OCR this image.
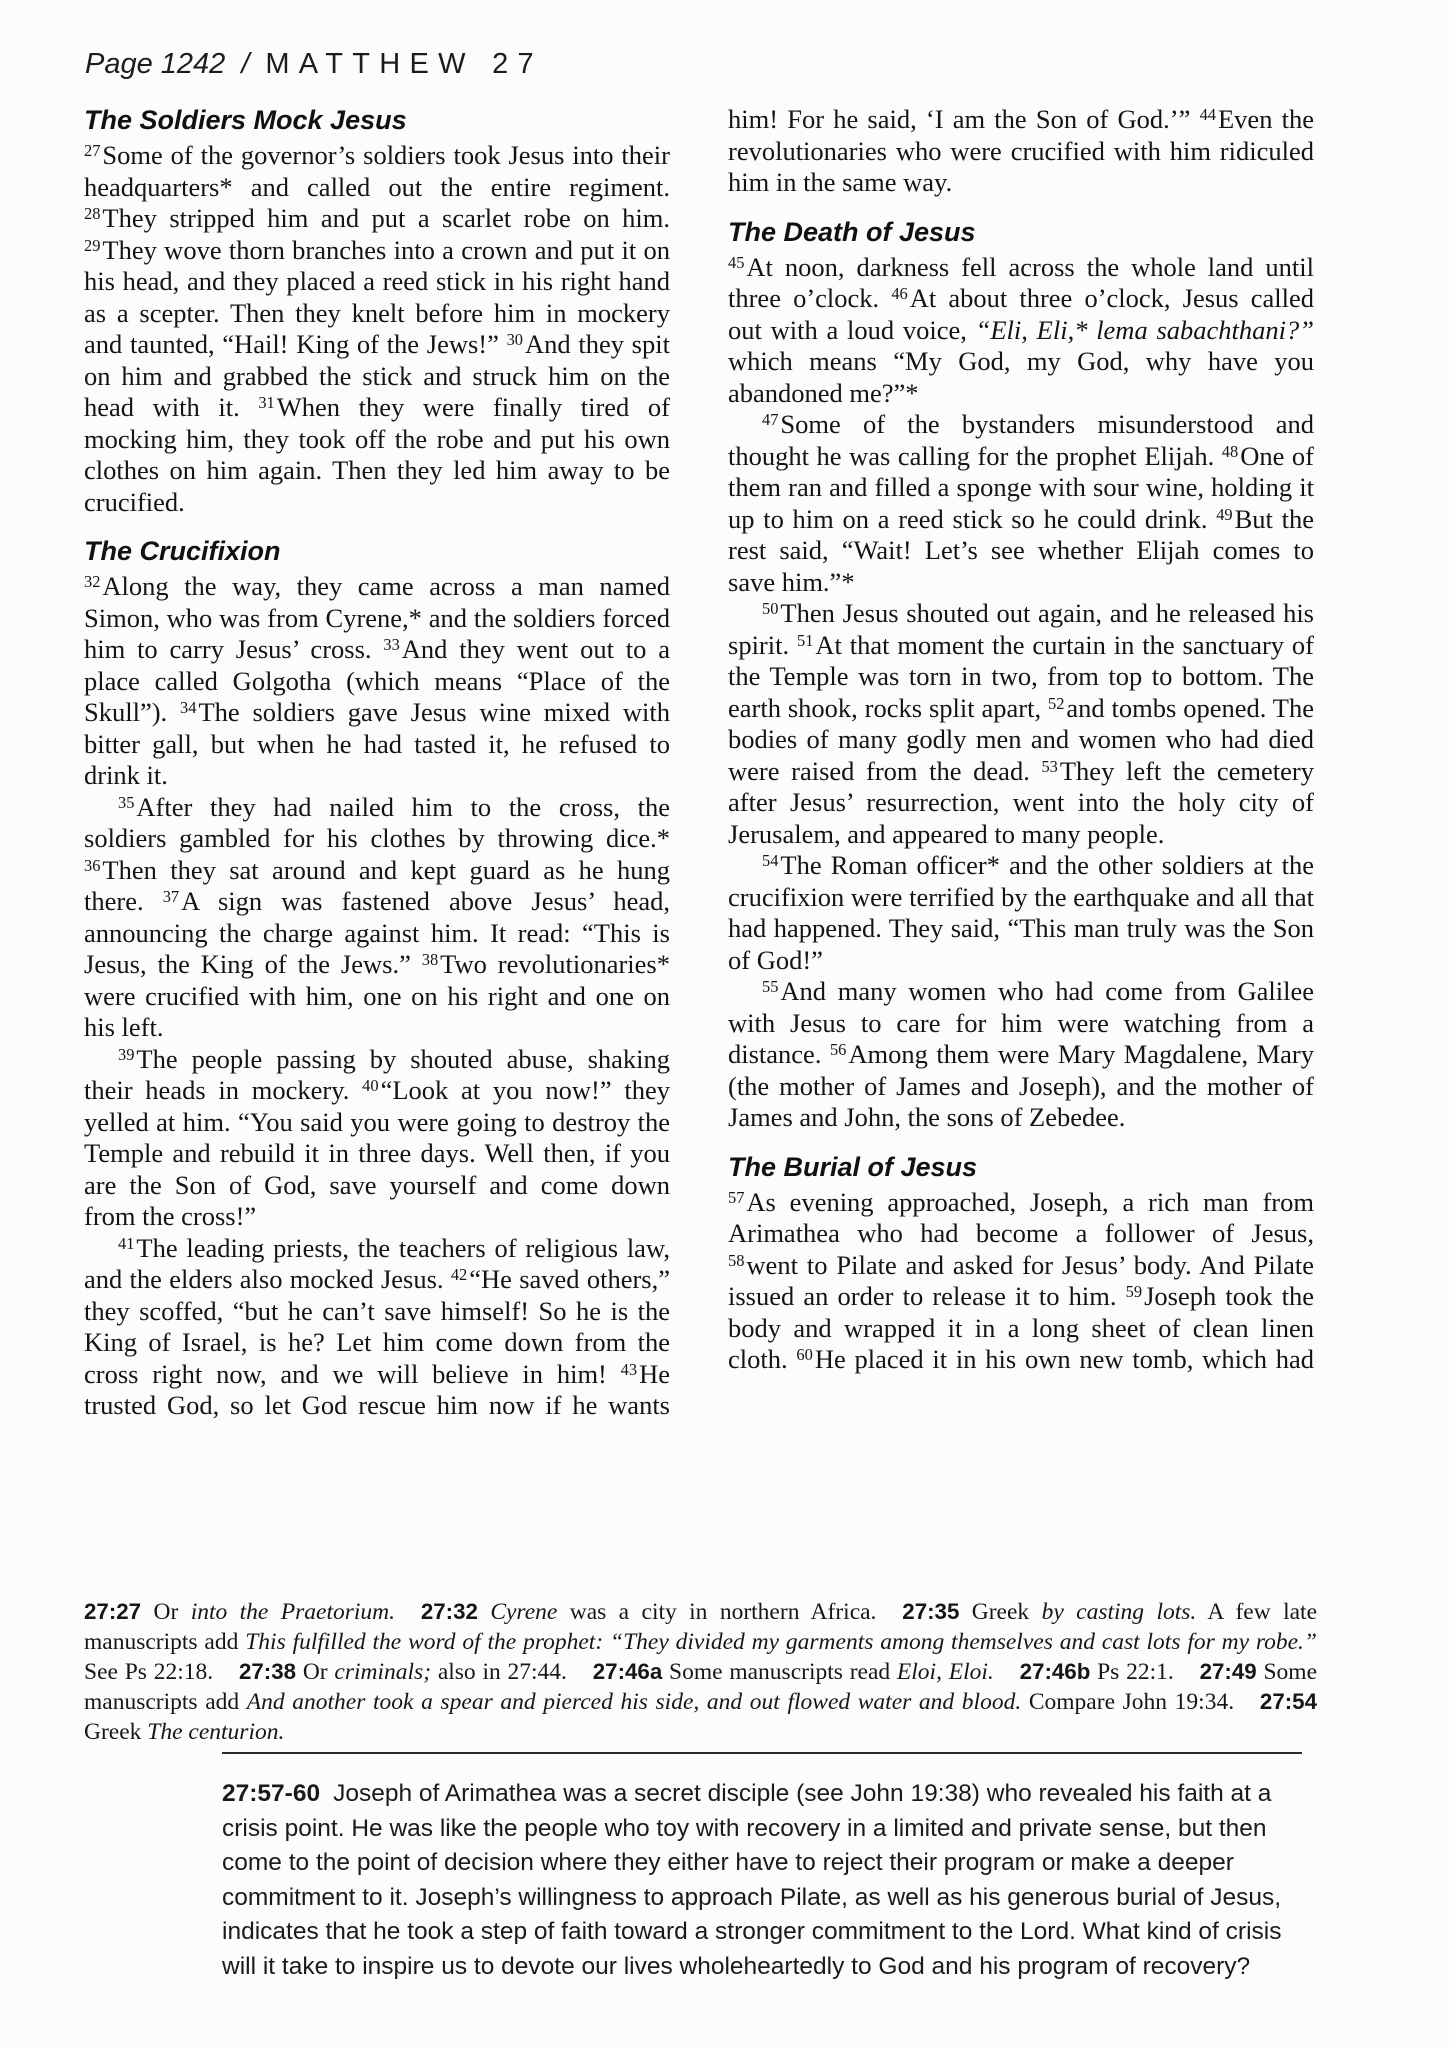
Page 1242 / MATTHEW 27
The Soldiers Mock Jesus

$^{27}$Some of the governor’s soldiers took Jesus into their headquarters* and called out the entire regiment. $^{28}$They stripped him and put a scarlet robe on him. $^{29}$They wove thorn branches into a crown and put it on his head, and they placed a reed stick in his right hand as a scepter. Then they knelt before him in mockery and taunted, “Hail! King of the Jews!” $^{30}$And they spit on him and grabbed the stick and struck him on the head with it. $^{31}$When they were finally tired of mocking him, they took off the robe and put his own clothes on him again. Then they led him away to be crucified.

The Crucifixion

$^{32}$Along the way, they came across a man named Simon, who was from Cyrene,* and the soldiers forced him to carry Jesus’ cross. $^{33}$And they went out to a place called Golgotha (which means “Place of the Skull”). $^{34}$The soldiers gave Jesus wine mixed with bitter gall, but when he had tasted it, he refused to drink it.

$^{35}$After they had nailed him to the cross, the soldiers gambled for his clothes by throwing dice.* $^{36}$Then they sat around and kept guard as he hung there. $^{37}$A sign was fastened above Jesus’ head, announcing the charge against him. It read: “This is Jesus, the King of the Jews.” $^{38}$Two revolutionaries* were crucified with him, one on his right and one on his left.

$^{39}$The people passing by shouted abuse, shaking their heads in mockery. $^{40}$“Look at you now!” they yelled at him. “You said you were going to destroy the Temple and rebuild it in three days. Well then, if you are the Son of God, save yourself and come down from the cross!”

$^{41}$The leading priests, the teachers of religious law, and the elders also mocked Jesus. $^{42}$“He saved others,” they scoffed, “but he can’t save himself! So he is the King of Israel, is he? Let him come down from the cross right now, and we will believe in him! $^{43}$He trusted God, so let God rescue him now if he wants

him! For he said, ‘I am the Son of God.’” $^{44}$Even the revolutionaries who were crucified with him ridiculed him in the same way.

The Death of Jesus

$^{45}$At noon, darkness fell across the whole land until three o’clock. $^{46}$At about three o’clock, Jesus called out with a loud voice, “Eli, Eli,* lema sabachthani?” which means “My God, my God, why have you abandoned me?”*

$^{47}$Some of the bystanders misunderstood and thought he was calling for the prophet Elijah. $^{48}$One of them ran and filled a sponge with sour wine, holding it up to him on a reed stick so he could drink. $^{49}$But the rest said, “Wait! Let’s see whether Elijah comes to save him.”*

$^{50}$Then Jesus shouted out again, and he released his spirit. $^{51}$At that moment the curtain in the sanctuary of the Temple was torn in two, from top to bottom. The earth shook, rocks split apart, $^{52}$and tombs opened. The bodies of many godly men and women who had died were raised from the dead. $^{53}$They left the cemetery after Jesus’ resurrection, went into the holy city of Jerusalem, and appeared to many people.

$^{54}$The Roman officer* and the other soldiers at the crucifixion were terrified by the earthquake and all that had happened. They said, “This man truly was the Son of God!”

$^{55}$And many women who had come from Galilee with Jesus to care for him were watching from a distance. $^{56}$Among them were Mary Magdalene, Mary (the mother of James and Joseph), and the mother of James and John, the sons of Zebedee.

The Burial of Jesus

$^{57}$As evening approached, Joseph, a rich man from Arimathea who had become a follower of Jesus, $^{58}$went to Pilate and asked for Jesus’ body. And Pilate issued an order to release it to him. $^{59}$Joseph took the body and wrapped it in a long sheet of clean linen cloth. $^{60}$He placed it in his own new tomb, which had

27:27 Or into the Praetorium. 27:32 Cyrene was a city in northern Africa. 27:35 Greek by casting lots. A few late manuscripts add This fulfilled the word of the prophet: “They divided my garments among themselves and cast lots for my robe.” See Ps 22:18. 27:38 Or criminals; also in 27:44. 27:46a Some manuscripts read Eloi, Eloi. 27:46b Ps 22:1. 27:49 Some manuscripts add And another took a spear and pierced his side, and out flowed water and blood. Compare John 19:34. 27:54 Greek The centurion.
27:57-60 Joseph of Arimathea was a secret disciple (see John 19:38) who revealed his faith at a crisis point. He was like the people who toy with recovery in a limited and private sense, but then come to the point of decision where they either have to reject their program or make a deeper commitment to it. Joseph’s willingness to approach Pilate, as well as his generous burial of Jesus, indicates that he took a step of faith toward a stronger commitment to the Lord. What kind of crisis will it take to inspire us to devote our lives wholeheartedly to God and his program of recovery?
